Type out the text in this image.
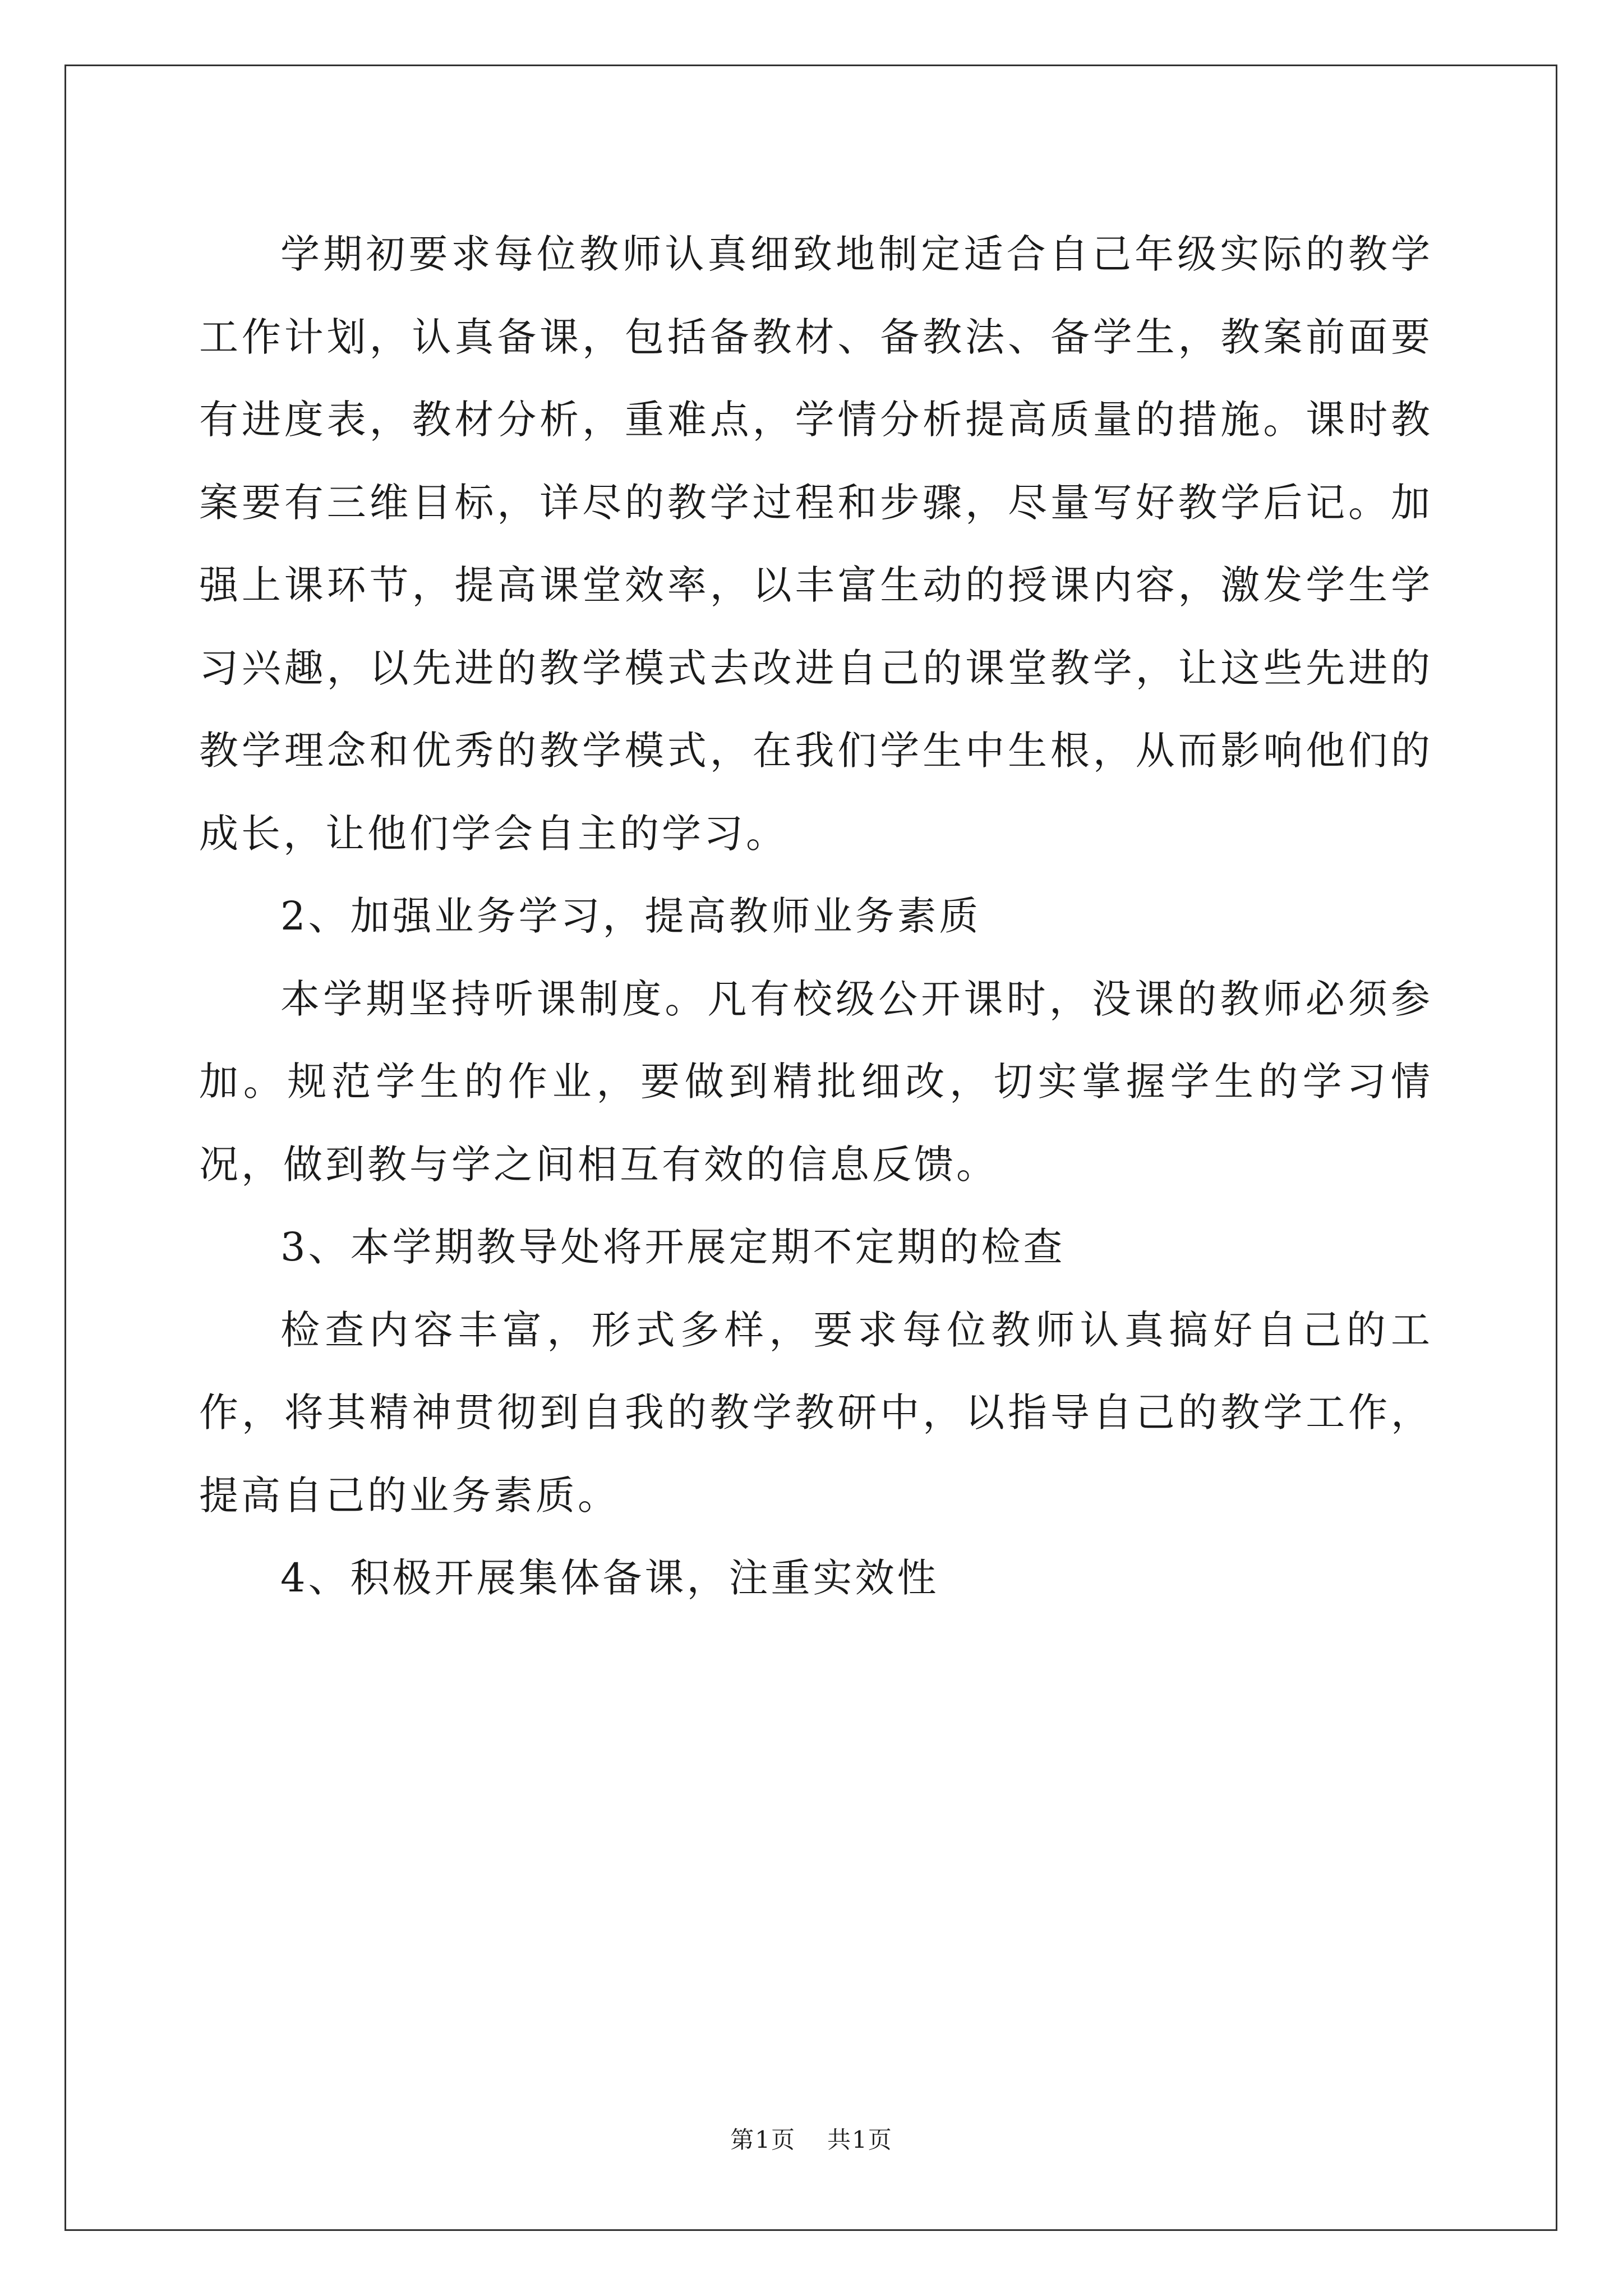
学期初要求每位教师认真细致地制定适合自己年级实际的教学工作计划，认真备课，包括备教材、备教法、备学生，教案前面要有进度表，教材分析，重难点，学情分析提高质量的措施。课时教案要有三维目标，详尽的教学过程和步骤，尽量写好教学后记。加强上课环节，提高课堂效率，以丰富生动的授课内容，激发学生学习兴趣，以先进的教学模式去改进自己的课堂教学，让这些先进的教学理念和优秀的教学模式，在我们学生中生根，从而影响他们的成长，让他们学会自主的学习。

2、加强业务学习，提高教师业务素质

本学期坚持听课制度。凡有校级公开课时，没课的教师必须参加。规范学生的作业，要做到精批细改，切实掌握学生的学习情况，做到教与学之间相互有效的信息反馈。

3、本学期教导处将开展定期不定期的检查

检查内容丰富，形式多样，要求每位教师认真搞好自己的工作，将其精神贯彻到自我的教学教研中，以指导自己的教学工作，提高自己的业务素质。

4、积极开展集体备课，注重实效性

第1页 共1页
